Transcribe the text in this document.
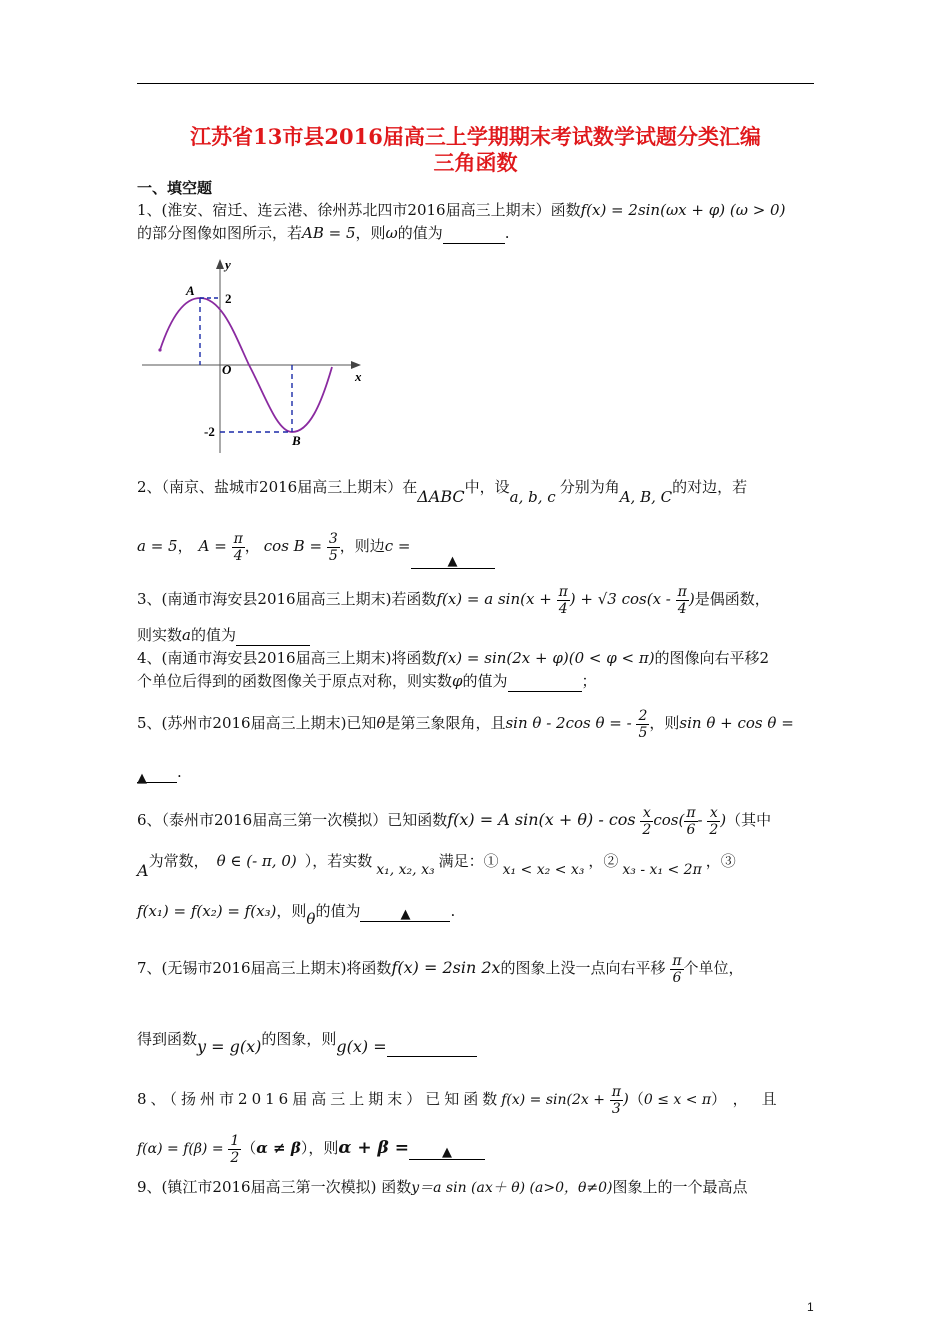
江苏省13市县2016届高三上学期期末考试数学试题分类汇编
三角函数
一、填空题
1、(淮安、宿迁、连云港、徐州苏北四市2016届高三上期末）函数f(x) = 2sin(ωx + φ) (ω > 0)
的部分图像如图所示，若AB = 5，则ω的值为	.
y
x
O
A
B
2
-2
2、（南京、盐城市2016届高三上期末）在ΔABC中，设a, b, c分别为角A, B, C的对边，若
a = 5， $A = \frac{\pi}{4}$ ， $\cos B = \frac{3}{5}$ ，则边c =▲
3、(南通市海安县2016届高三上期末)若函数f(x) = a $\sin(x + \frac{\pi}{4}$ ) + √3 $\cos(x - \frac{\pi}{4}$ )是偶函数，
则实数a的值为
4、(南通市海安县2016届高三上期末)将函数f(x) = sin(2x + φ)(0 < φ < π)的图像向右平移2
个单位后得到的函数图像关于原点对称，则实数φ的值为	；
5、(苏州市2016届高三上期末)已知θ是第三象限角，且sin θ - 2cos θ = - $\frac{2}{5}$ ，则sin θ + cos θ =
▲ .
6、（泰州市2016届高三第一次模拟）已知函数f(x) = A $\sin(x + \theta) - \cos \frac{x}{2} \cos( \frac{\pi}{6} - \frac{x}{2}$ )（其中
A为常数， θ ∈ (- π, 0) ），若实数 x₁, x₂, x₃ 满足：① x₁ < x₂ < x₃ ，② x₃ - x₁ < 2π ，③
f(x₁) = f(x₂) = f(x₃)，则θ的值为	▲	.
7、(无锡市2016届高三上期末)将函数f(x) = 2sin 2x的图象上没一点向右平移 $\frac{\pi}{6}$ 个单位，
得到函数y = g(x)的图象，则g(x) =
8、（扬州市2016届高三上期末）已知函数$f(x) = \sin(2x + \frac{\pi}{3} )(0 \le x < \pi)$，且
$f(\alpha) = f(\beta) = \frac{1}{2} (\alpha \ne \beta)$，则α + β =	▲
9、(镇江市2016届高三第一次模拟) 函数y＝a sin (ax＋ θ) (a>0，θ≠0)图象上的一个最高点
1
